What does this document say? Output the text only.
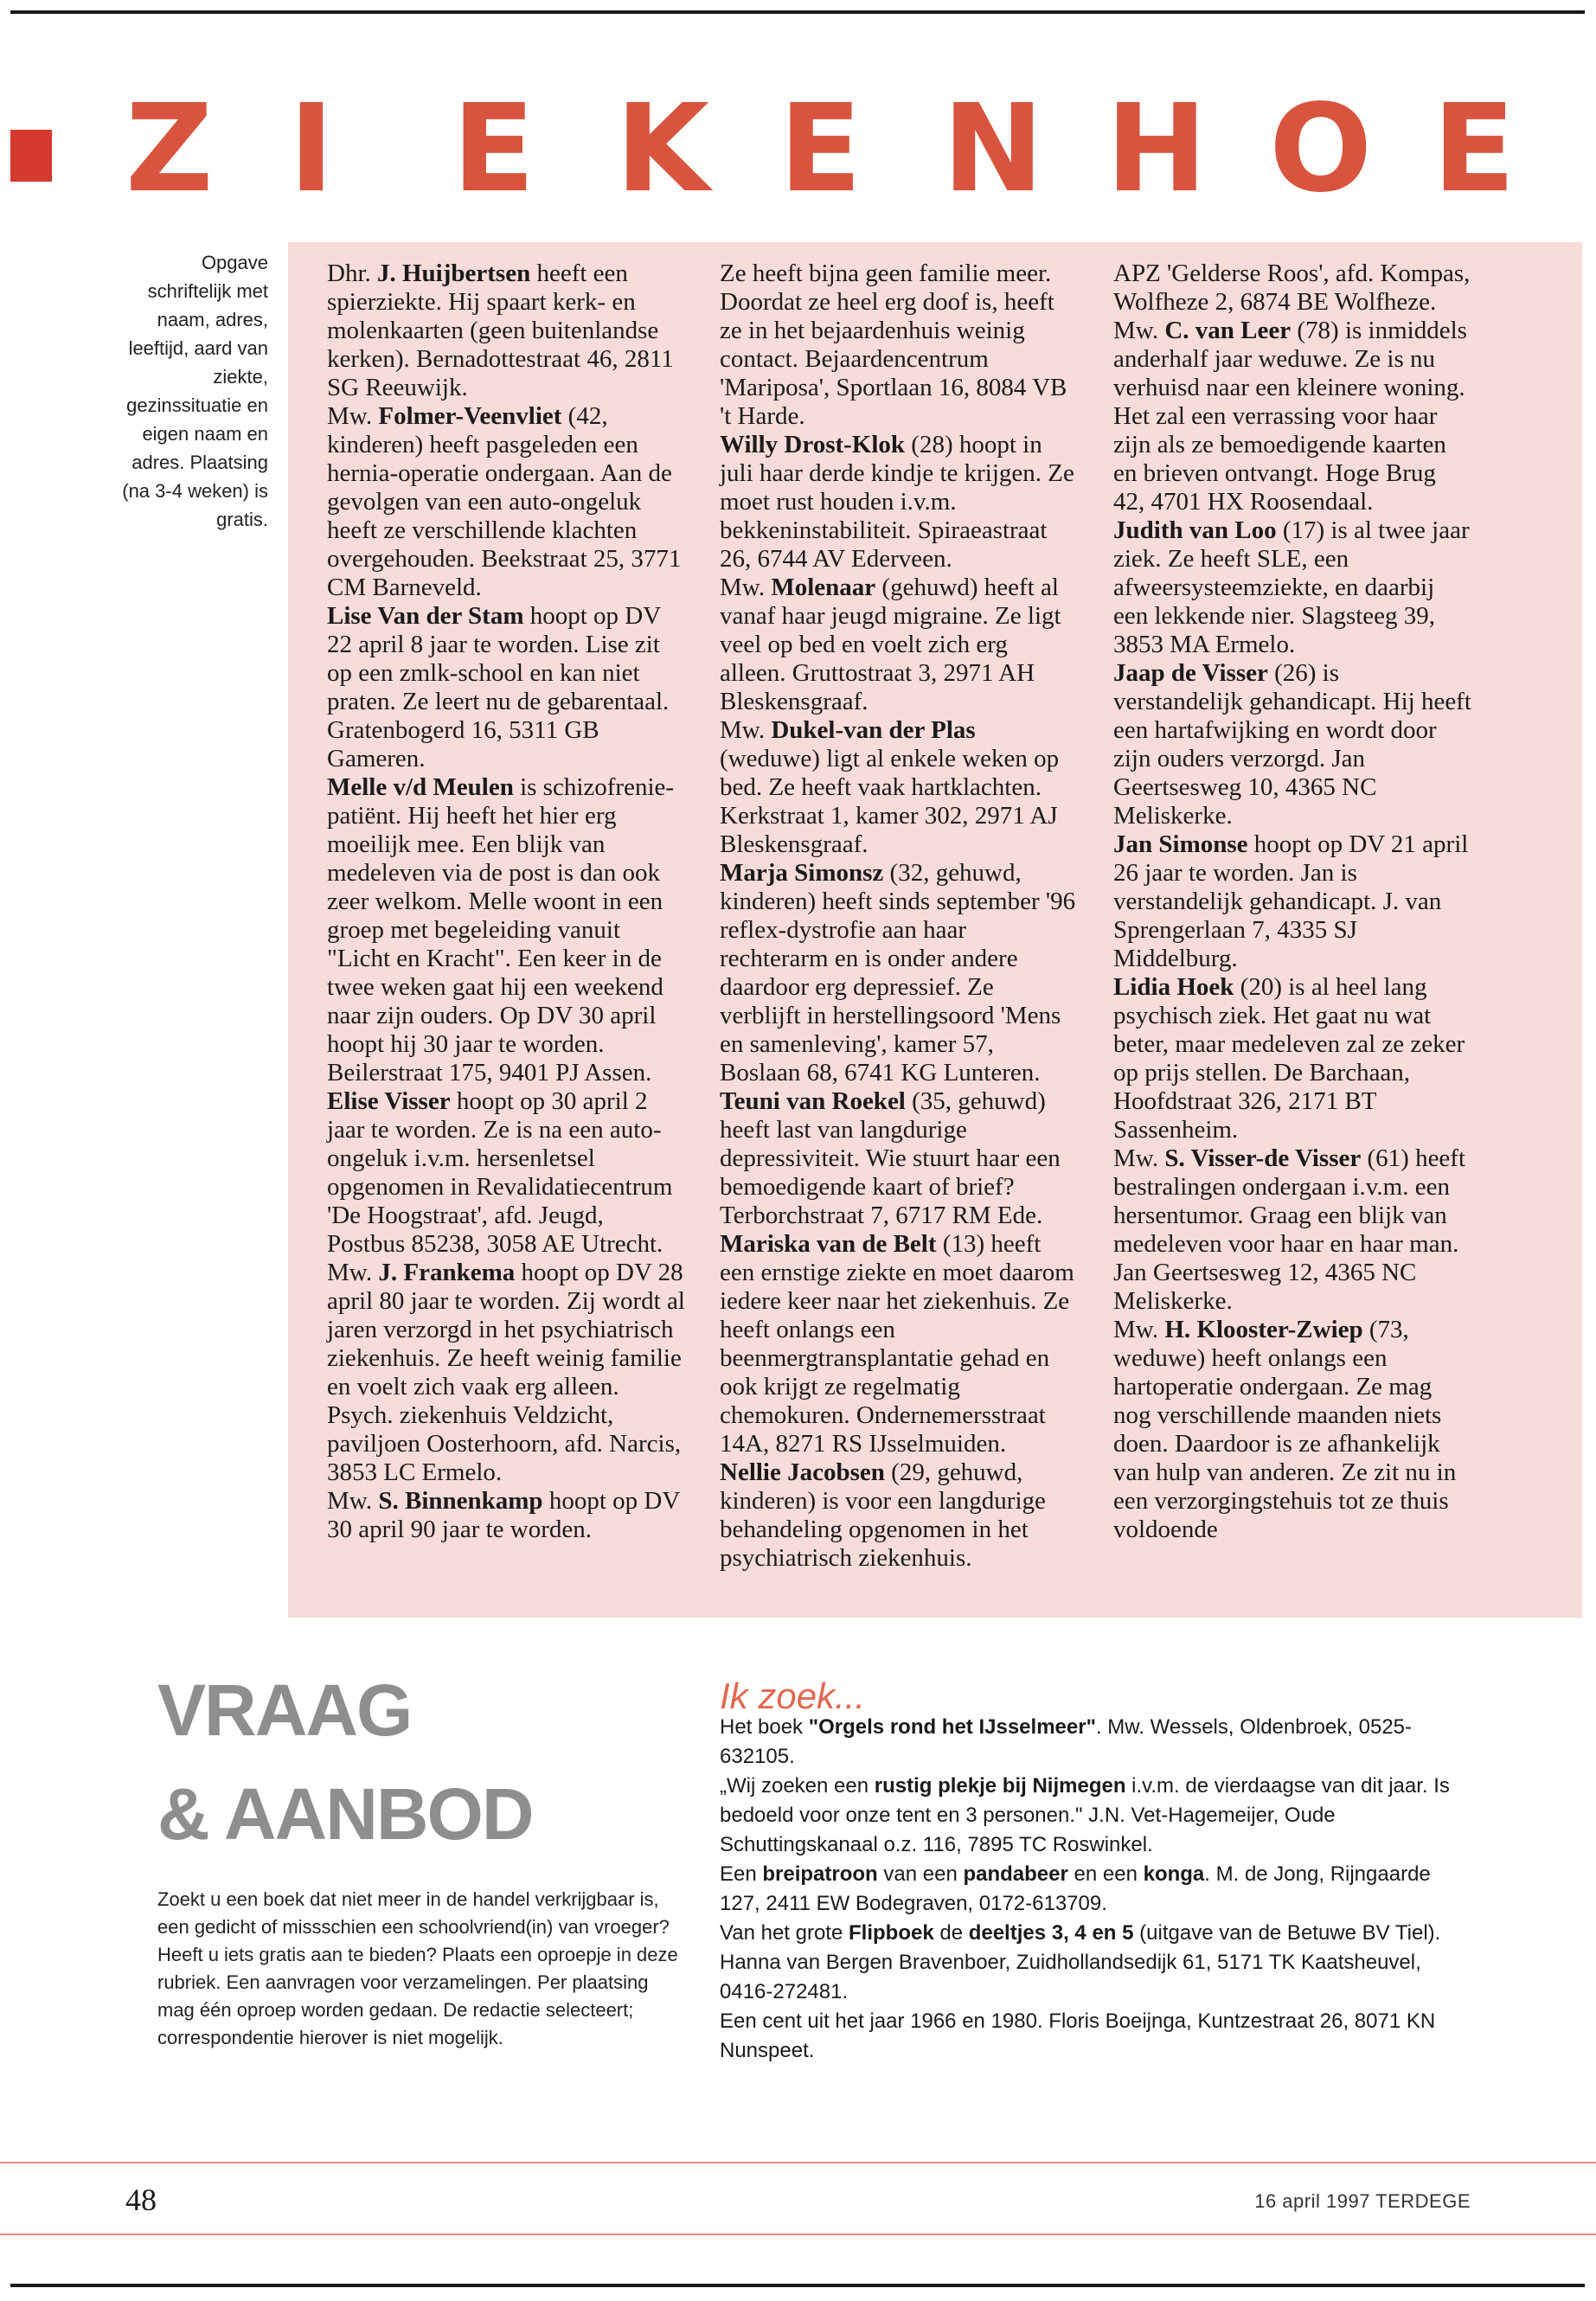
Z I E K E N H O E
Opgave schriftelijk met naam, adres, leeftijd, aard van ziekte, gezinssituatie en eigen naam en adres. Plaatsing (na 3-4 weken) is gratis.

Dhr. J. Huijbertsen heeft een spierziekte. Hij spaart kerk- en molenkaarten (geen buitenlandse kerken). Bernadottestraat 46, 2811 SG Reeuwijk.

Mw. Folmer-Veenvliet (42, kinderen) heeft pasgeleden een hernia-operatie ondergaan. Aan de gevolgen van een auto-ongeluk heeft ze verschillende klachten overgehouden. Beekstraat 25, 3771 CM Barneveld.

Lise Van der Stam hoopt op DV 22 april 8 jaar te worden. Lise zit op een zmlk-school en kan niet praten. Ze leert nu de gebarentaal. Gratenbogerd 16, 5311 GB Gameren.

Melle v/d Meulen is schizofrenie-patiënt. Hij heeft het hier erg moeilijk mee. Een blijk van medeleven via de post is dan ook zeer welkom. Melle woont in een groep met begeleiding vanuit "Licht en Kracht". Een keer in de twee weken gaat hij een weekend naar zijn ouders. Op DV 30 april hoopt hij 30 jaar te worden. Beilerstraat 175, 9401 PJ Assen.

Elise Visser hoopt op 30 april 2 jaar te worden. Ze is na een auto-ongeluk i.v.m. hersenletsel opgenomen in Revalidatiecentrum 'De Hoogstraat', afd. Jeugd, Postbus 85238, 3058 AE Utrecht.

Mw. J. Frankema hoopt op DV 28 april 80 jaar te worden. Zij wordt al jaren verzorgd in het psychiatrisch ziekenhuis. Ze heeft weinig familie en voelt zich vaak erg alleen. Psych. ziekenhuis Veldzicht, paviljoen Oosterhoorn, afd. Narcis, 3853 LC Ermelo.

Mw. S. Binnenkamp hoopt op DV 30 april 90 jaar te worden.

Ze heeft bijna geen familie meer. Doordat ze heel erg doof is, heeft ze in het bejaardenhuis weinig contact. Bejaardencentrum 'Mariposa', Sportlaan 16, 8084 VB 't Harde.

Willy Drost-Klok (28) hoopt in juli haar derde kindje te krijgen. Ze moet rust houden i.v.m. bekkeninstabiliteit. Spiraeastraat 26, 6744 AV Ederveen.

Mw. Molenaar (gehuwd) heeft al vanaf haar jeugd migraine. Ze ligt veel op bed en voelt zich erg alleen. Gruttostraat 3, 2971 AH Bleskensgraaf.

Mw. Dukel-van der Plas (weduwe) ligt al enkele weken op bed. Ze heeft vaak hartklachten. Kerkstraat 1, kamer 302, 2971 AJ Bleskensgraaf.

Marja Simonsz (32, gehuwd, kinderen) heeft sinds september '96 reflex-dystrofie aan haar rechterarm en is onder andere daardoor erg depressief. Ze verblijft in herstellingsoord 'Mens en samenleving', kamer 57, Boslaan 68, 6741 KG Lunteren.

Teuni van Roekel (35, gehuwd) heeft last van langdurige depressiviteit. Wie stuurt haar een bemoedigende kaart of brief? Terborchstraat 7, 6717 RM Ede.

Mariska van de Belt (13) heeft een ernstige ziekte en moet daarom iedere keer naar het ziekenhuis. Ze heeft onlangs een beenmergtransplantatie gehad en ook krijgt ze regelmatig chemokuren. Ondernemersstraat 14A, 8271 RS IJsselmuiden.

Nellie Jacobsen (29, gehuwd, kinderen) is voor een langdurige behandeling opgenomen in het psychiatrisch ziekenhuis.

APZ 'Gelderse Roos', afd. Kompas, Wolfheze 2, 6874 BE Wolfheze.

Mw. C. van Leer (78) is inmiddels anderhalf jaar weduwe. Ze is nu verhuisd naar een kleinere woning. Het zal een verrassing voor haar zijn als ze bemoedigende kaarten en brieven ontvangt. Hoge Brug 42, 4701 HX Roosendaal.

Judith van Loo (17) is al twee jaar ziek. Ze heeft SLE, een afweersysteemziekte, en daarbij een lekkende nier. Slagsteeg 39, 3853 MA Ermelo.

Jaap de Visser (26) is verstandelijk gehandicapt. Hij heeft een hartafwijking en wordt door zijn ouders verzorgd. Jan Geertsesweg 10, 4365 NC Meliskerke.

Jan Simonse hoopt op DV 21 april 26 jaar te worden. Jan is verstandelijk gehandicapt. J. van Sprengerlaan 7, 4335 SJ Middelburg.

Lidia Hoek (20) is al heel lang psychisch ziek. Het gaat nu wat beter, maar medeleven zal ze zeker op prijs stellen. De Barchaan, Hoofdstraat 326, 2171 BT Sassenheim.

Mw. S. Visser-de Visser (61) heeft bestralingen ondergaan i.v.m. een hersentumor. Graag een blijk van medeleven voor haar en haar man. Jan Geertsesweg 12, 4365 NC Meliskerke.

Mw. H. Klooster-Zwiep (73, weduwe) heeft onlangs een hartoperatie ondergaan. Ze mag nog verschillende maanden niets doen. Daardoor is ze afhankelijk van hulp van anderen. Ze zit nu in een verzorgingstehuis tot ze thuis voldoende

VRAAG
& AANBOD
Zoekt u een boek dat niet meer in de handel verkrijgbaar is, een gedicht of missschien een schoolvriend(in) van vroeger? Heeft u iets gratis aan te bieden? Plaats een oproepje in deze rubriek. Een aanvragen voor verzamelingen. Per plaatsing mag één oproep worden gedaan. De redactie selecteert; correspondentie hierover is niet mogelijk.
Ik zoek...

Het boek "Orgels rond het IJsselmeer". Mw. Wessels, Oldenbroek, 0525-632105.

„Wij zoeken een rustig plekje bij Nijmegen i.v.m. de vierdaagse van dit jaar. Is bedoeld voor onze tent en 3 personen." J.N. Vet-Hagemeijer, Oude Schuttingskanaal o.z. 116, 7895 TC Roswinkel.

Een breipatroon van een pandabeer en een konga. M. de Jong, Rijngaarde 127, 2411 EW Bodegraven, 0172-613709.

Van het grote Flipboek de deeltjes 3, 4 en 5 (uitgave van de Betuwe BV Tiel). Hanna van Bergen Bravenboer, Zuidhollandsedijk 61, 5171 TK Kaatsheuvel, 0416-272481.

Een cent uit het jaar 1966 en 1980. Floris Boeijnga, Kuntzestraat 26, 8071 KN Nunspeet.

48	16 april 1997 TERDEGE
